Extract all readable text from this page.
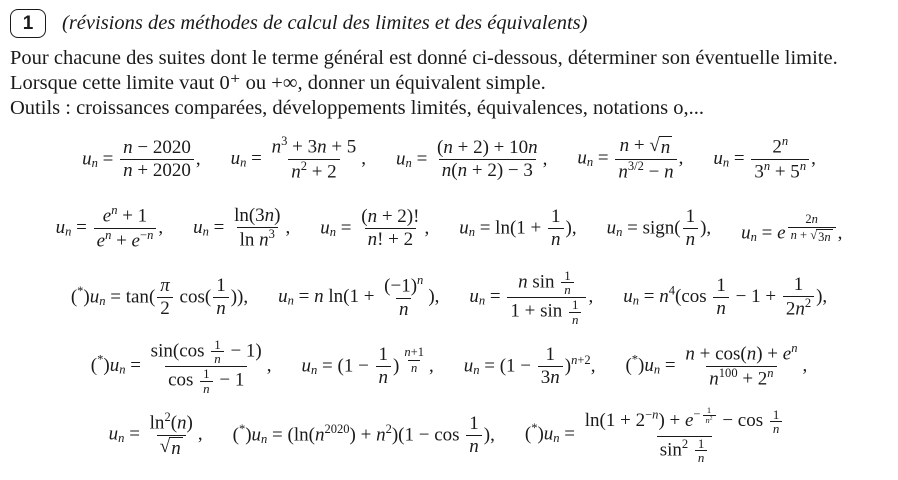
1 (révisions des méthodes de calcul des limites et des équivalents)

Pour chacune des suites dont le terme général est donné ci-dessous, déterminer son éventuelle limite. Lorsque cette limite vaut 0⁺ ou +∞, donner un équivalent simple.

Outils : croissances comparées, développements limités, équivalences, notations o,...

$u_n = \frac{n - 2020}{n + 2020}$ , $u_n = \frac{n^3 + 3n + 5}{n^2 + 2}$ , $u_n = \frac{(n + 2) + 10n}{n(n + 2) - 3}$ , $u_n = \frac{n + √ n}{n^{3/2} - n}$ , $u_n = \frac{2^n}{3^n + 5^n}$ ,
$u_n = \frac{e^n + 1}{e^n + e^{-n}}$ , $u_n = \frac{\ln(3n)}{\ln n^3}$ , $u_n = \frac{(n + 2)!}{n! + 2}$ , $u_n = \ln(1 + \frac{1}{n}$ ), $u_n$ = sign( $\frac{1}{n}$ ), $u_n = e$ $^{\frac{2n}{n + √ 3n}}$ ,
$(^*)u_n = \tan( \frac{\pi}{2} \cos( \frac{1}{n}$ )), $u_n = n$ $\ln(1 + \frac{(-1)^n}{n}$ ), $u_n = \frac{n \sin \frac{1}{n}}{1 + \sin \frac{1}{n}}$ , $u_n = n^4(\cos \frac{1}{n} - 1 + \frac{1}{2n^2}$ ),
$(^*)u_n = \frac{\sin(\cos \frac{1}{n} - 1)}{\cos \frac{1}{n} - 1}$ , $u_n = (1 - \frac{1}{n}$ ) $^{\frac{n+1}{n}}$ , $u_n = (1 - \frac{1}{3n} )^{n+2}$, $(^*)u_n = \frac{n + \cos(n) + e^n}{n^{100} + 2^n}$ ,
$u_n = \frac{\ln^2(n)}{√ n}$ , $(^*)u_n = (\ln(n^{2020}) + n^2)(1 - \cos \frac{1}{n}$ ), $(^*)u_n = \ln(1 + 2^{-n}) + e^{- \frac{1}{n^2}} - \cos \frac{1}{n}$
$\sin^2 \frac{1}{n}$
